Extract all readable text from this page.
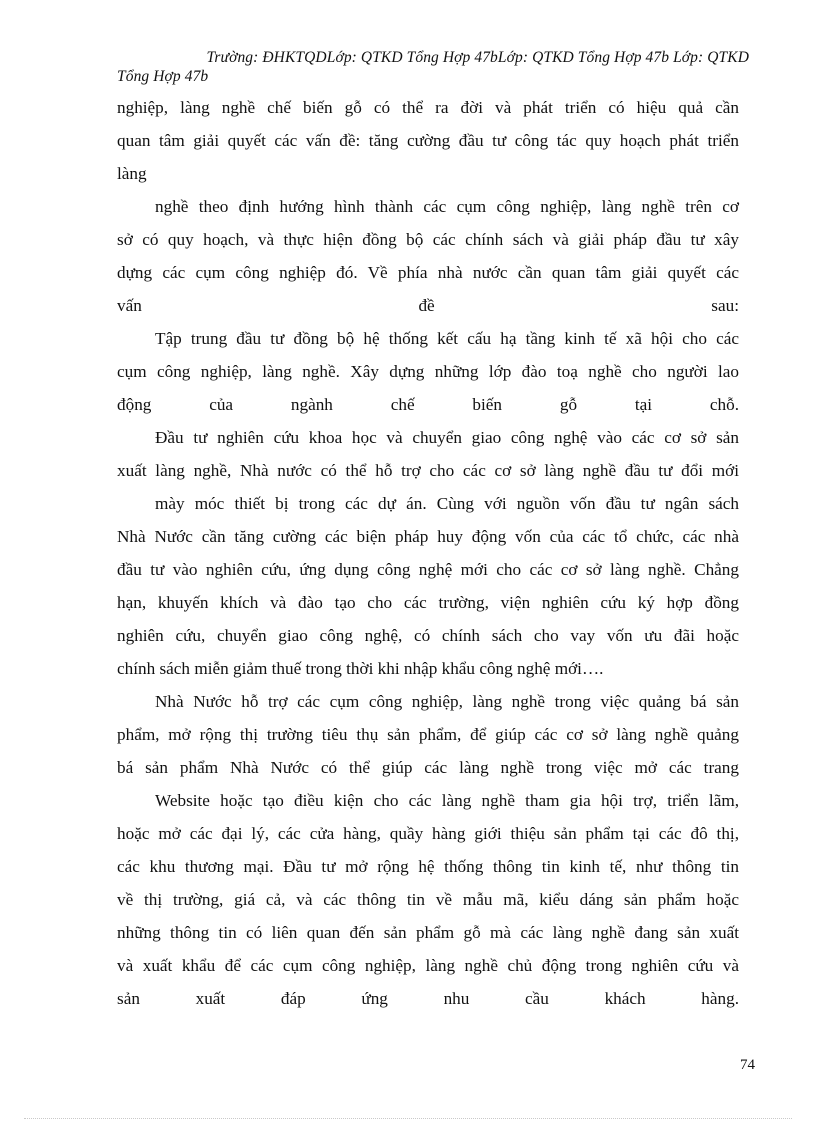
Trường: ĐHKTQDLớp: QTKD Tổng Hợp 47bLớp: QTKD Tổng Hợp 47b Lớp: QTKD
Tổng Hợp 47b
nghiệp, làng nghề chế biến gỗ có thể ra đời và phát triển có hiệu quả cần
quan tâm giải quyết các vấn đề: tăng cường đầu tư công tác quy hoạch phát triển
làng
nghề theo định hướng hình thành các cụm công nghiệp, làng nghề trên cơ
sở có quy hoạch, và thực hiện đồng bộ các chính sách và giải pháp đầu tư xây
dựng các cụm công nghiệp đó. Về phía nhà nước cần quan tâm giải quyết các
vấn đề sau:
Tập trung đầu tư đồng bộ hệ thống kết cấu hạ tầng kinh tế xã hội cho các
cụm công nghiệp, làng nghề. Xây dựng những lớp đào toạ nghề cho người lao
động của ngành chế biến gỗ tại chỗ.
Đầu tư nghiên cứu khoa học và chuyển giao công nghệ vào các cơ sở sản
xuất làng nghề, Nhà nước có thể hỗ trợ cho các cơ sở làng nghề đầu tư đổi mới
mày móc thiết bị trong các dự án. Cùng với nguồn vốn đầu tư ngân sách
Nhà Nước cần tăng cường các biện pháp huy động vốn của các tổ chức, các nhà
đầu tư vào nghiên cứu, ứng dụng công nghệ mới cho các cơ sở làng nghề. Chẳng
hạn, khuyến khích và đào tạo cho các trường, viện nghiên cứu ký hợp đồng
nghiên cứu, chuyển giao công nghệ, có chính sách cho vay vốn ưu đãi hoặc
chính sách miễn giảm thuế trong thời khi nhập khẩu công nghệ mới….
Nhà Nước hỗ trợ các cụm công nghiệp, làng nghề trong việc quảng bá sản
phẩm, mở rộng thị trường tiêu thụ sản phẩm, để giúp các cơ sở làng nghề quảng
bá sản phẩm Nhà Nước có thể giúp các làng nghề trong việc mở các trang
Website hoặc tạo điều kiện cho các làng nghề tham gia hội trợ, triển lãm,
hoặc mở các đại lý, các cửa hàng, quầy hàng giới thiệu sản phẩm tại các đô thị,
các khu thương mại. Đầu tư mở rộng hệ thống thông tin kinh tế, như thông tin
về thị trường, giá cả, và các thông tin về mẫu mã, kiểu dáng sản phẩm hoặc
những thông tin có liên quan đến sản phẩm gỗ mà các làng nghề đang sản xuất
và xuất khẩu để các cụm công nghiệp, làng nghề chủ động trong nghiên cứu và
sản xuất đáp ứng nhu cầu khách hàng.
74
